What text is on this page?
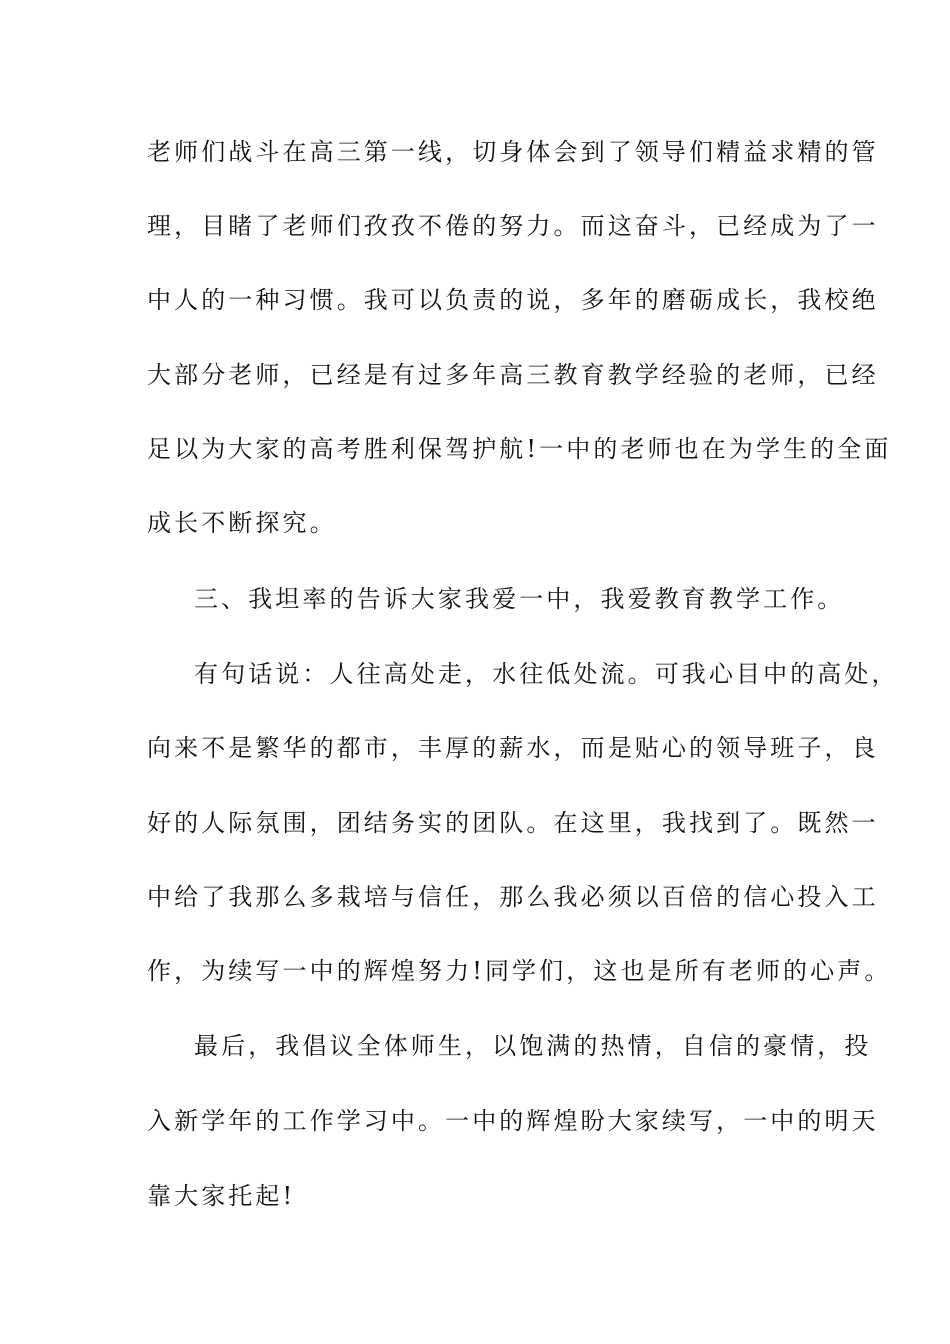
老师们战斗在高三第一线，切身体会到了领导们精益求精的管
理，目睹了老师们孜孜不倦的努力。而这奋斗，已经成为了一
中人的一种习惯。我可以负责的说，多年的磨砺成长，我校绝
大部分老师，已经是有过多年高三教育教学经验的老师，已经
足以为大家的高考胜利保驾护航!一中的老师也在为学生的全面
成长不断探究。
三、我坦率的告诉大家我爱一中，我爱教育教学工作。
有句话说：人往高处走，水往低处流。可我心目中的高处，
向来不是繁华的都市，丰厚的薪水，而是贴心的领导班子，良
好的人际氛围，团结务实的团队。在这里，我找到了。既然一
中给了我那么多栽培与信任，那么我必须以百倍的信心投入工
作，为续写一中的辉煌努力!同学们，这也是所有老师的心声。
最后，我倡议全体师生，以饱满的热情，自信的豪情，投
入新学年的工作学习中。一中的辉煌盼大家续写，一中的明天
靠大家托起!
